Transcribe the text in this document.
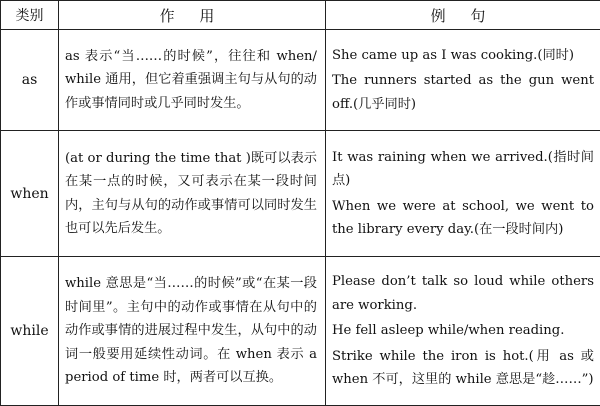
类别	作 用	例 句
as	as 表示“当……的时候”，往往和 when/ while 通用，但它着重强调主句与从句的动作或事情同时或几乎同时发生。	She came up as I was cooking.(同时)
The runners started as the gun went off.(几乎同时)

when	(at or during the time that )既可以表示在某一点的时候，又可表示在某一段时间内，主句与从句的动作或事情可以同时发生也可以先后发生。	It was raining when we arrived.(指时间点)
When we were at school, we went to the library every day.(在一段时间内)

while	while 意思是“当……的时候”或“在某一段时间里”。主句中的动作或事情在从句中的动作或事情的进展过程中发生，从句中的动词一般要用延续性动词。在 when 表示 a period of time 时，两者可以互换。	Please don’t talk so loud while others are working.
He fell asleep while/when reading.
Strike while the iron is hot.(用 as 或 when 不可，这里的 while 意思是“趁……”)
